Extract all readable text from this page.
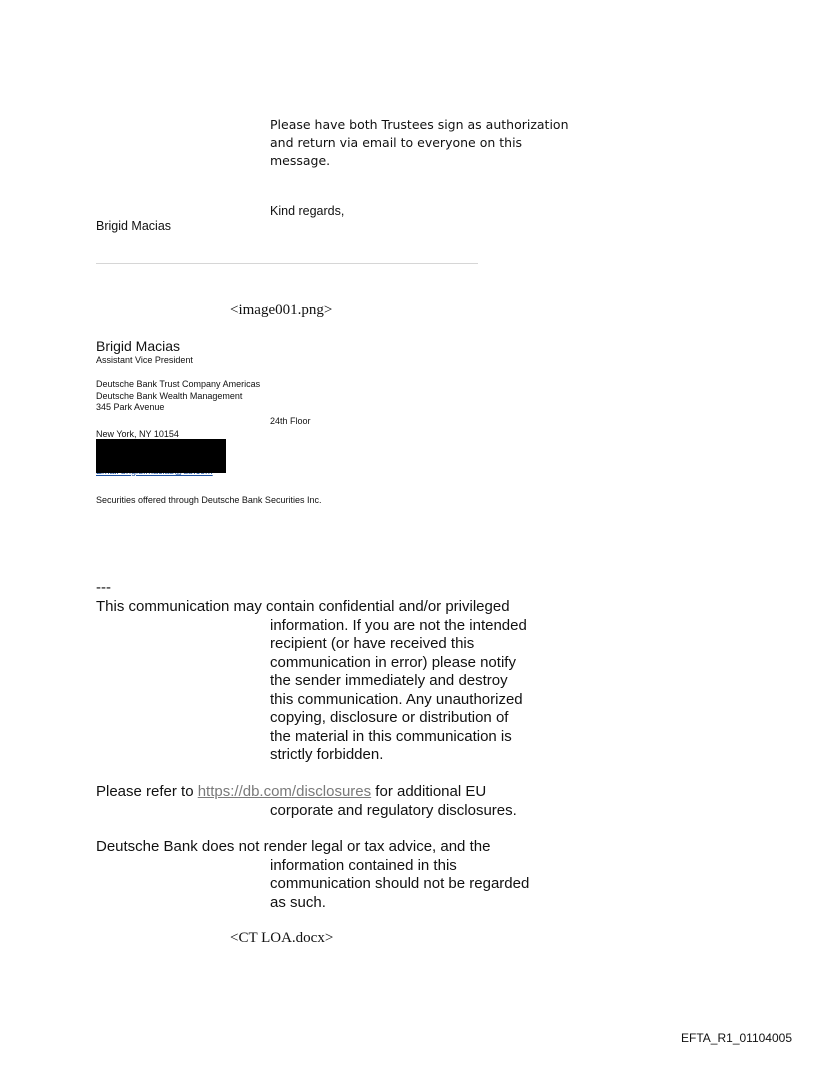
Please have both Trustees sign as authorization and return via email to everyone on this message.
Kind regards,
Brigid Macias
<image001.png>
Brigid Macias
Assistant Vice President
Deutsche Bank Trust Company Americas
Deutsche Bank Wealth Management
345 Park Avenue
24th Floor
New York, NY 10154
Securities offered through Deutsche Bank Securities Inc.
---
This communication may contain confidential and/or privileged
information. If you are not the intended
recipient (or have received this
communication in error) please notify
the sender immediately and destroy
this communication. Any unauthorized
copying, disclosure or distribution of
the material in this communication is
strictly forbidden.
Please refer to https://db.com/disclosures for additional EU
corporate and regulatory disclosures.
Deutsche Bank does not render legal or tax advice, and the
information contained in this
communication should not be regarded
as such.
<CT LOA.docx>
EFTA_R1_01104005
